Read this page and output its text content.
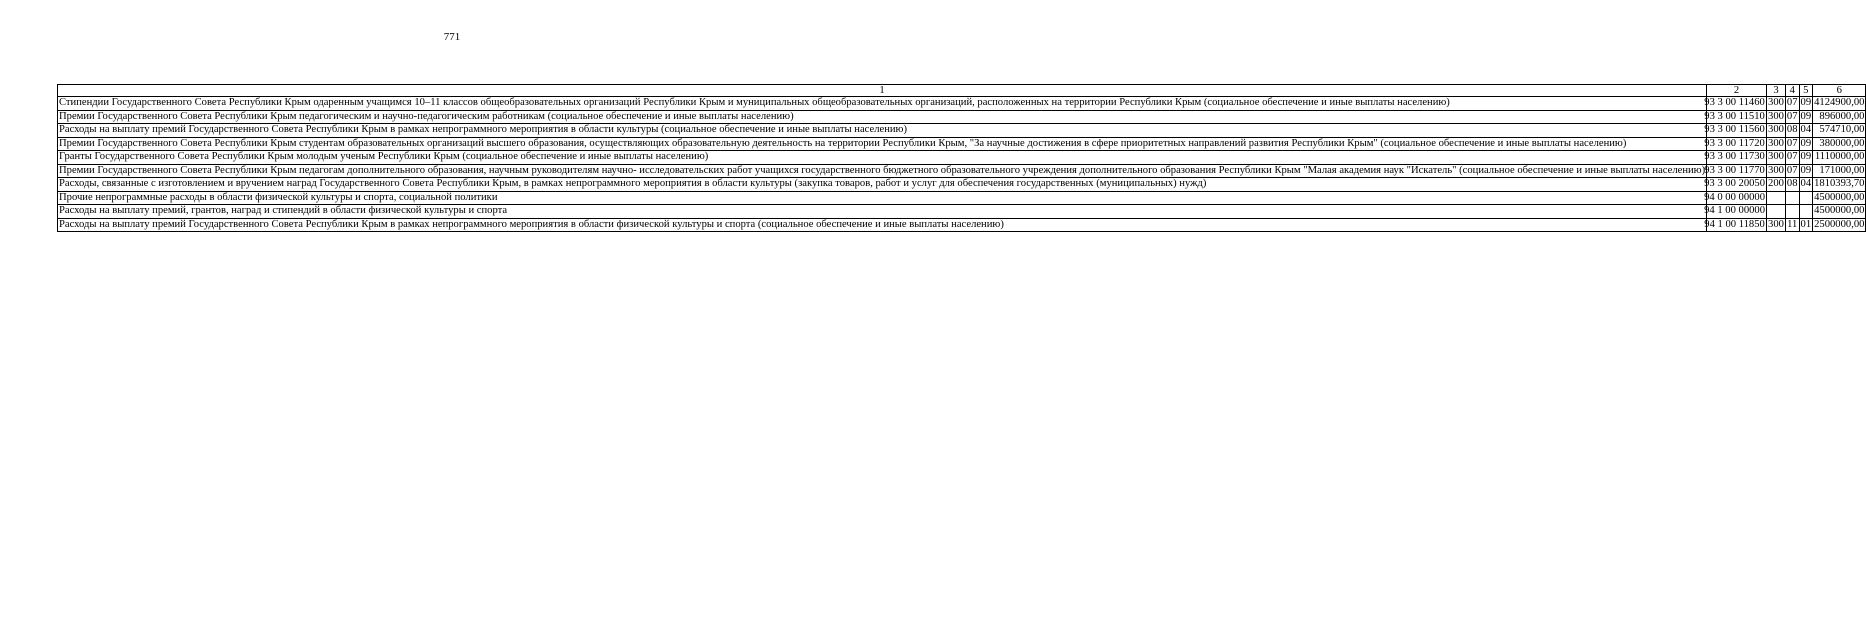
771
1	2	3	4	5	6
Стипендии Государственного Совета Республики Крым одаренным учащимся 10–11 классов общеобразовательных организаций Республики Крым и муниципальных общеобразовательных организаций, расположенных на территории Республики Крым (социальное обеспечение и иные выплаты населению)	93 3 00 11460	300	07	09	4124900,00
Премии Государственного Совета Республики Крым педагогическим и научно-педагогическим работникам (социальное обеспечение и иные выплаты населению)	93 3 00 11510	300	07	09	896000,00
Расходы на выплату премий Государственного Совета Республики Крым в рамках непрограммного мероприятия в области культуры (социальное обеспечение и иные выплаты населению)	93 3 00 11560	300	08	04	574710,00
Премии Государственного Совета Республики Крым студентам образовательных организаций высшего образования, осуществляющих образовательную деятельность на территории Республики Крым, "За научные достижения в сфере приоритетных направлений развития Республики Крым" (социальное обеспечение и иные выплаты населению)	93 3 00 11720	300	07	09	380000,00
Гранты Государственного Совета Республики Крым молодым ученым Республики Крым (социальное обеспечение и иные выплаты населению)	93 3 00 11730	300	07	09	1110000,00
Премии Государственного Совета Республики Крым педагогам дополнительного образования, научным руководителям научно- исследовательских работ учащихся государственного бюджетного образовательного учреждения дополнительного образования Республики Крым "Малая академия наук "Искатель" (социальное обеспечение и иные выплаты населению)	93 3 00 11770	300	07	09	171000,00
Расходы, связанные с изготовлением и вручением наград Государственного Совета Республики Крым, в рамках непрограммного мероприятия в области культуры (закупка товаров, работ и услуг для обеспечения государственных (муниципальных) нужд)	93 3 00 20050	200	08	04	1810393,70
Прочие непрограммные расходы в области физической культуры и спорта, социальной политики	94 0 00 00000				4500000,00
Расходы на выплату премий, грантов, наград и стипендий в области физической культуры и спорта	94 1 00 00000				4500000,00
Расходы на выплату премий Государственного Совета Республики Крым в рамках непрограммного мероприятия в области физической культуры и спорта (социальное обеспечение и иные выплаты населению)	94 1 00 11850	300	11	01	2500000,00
